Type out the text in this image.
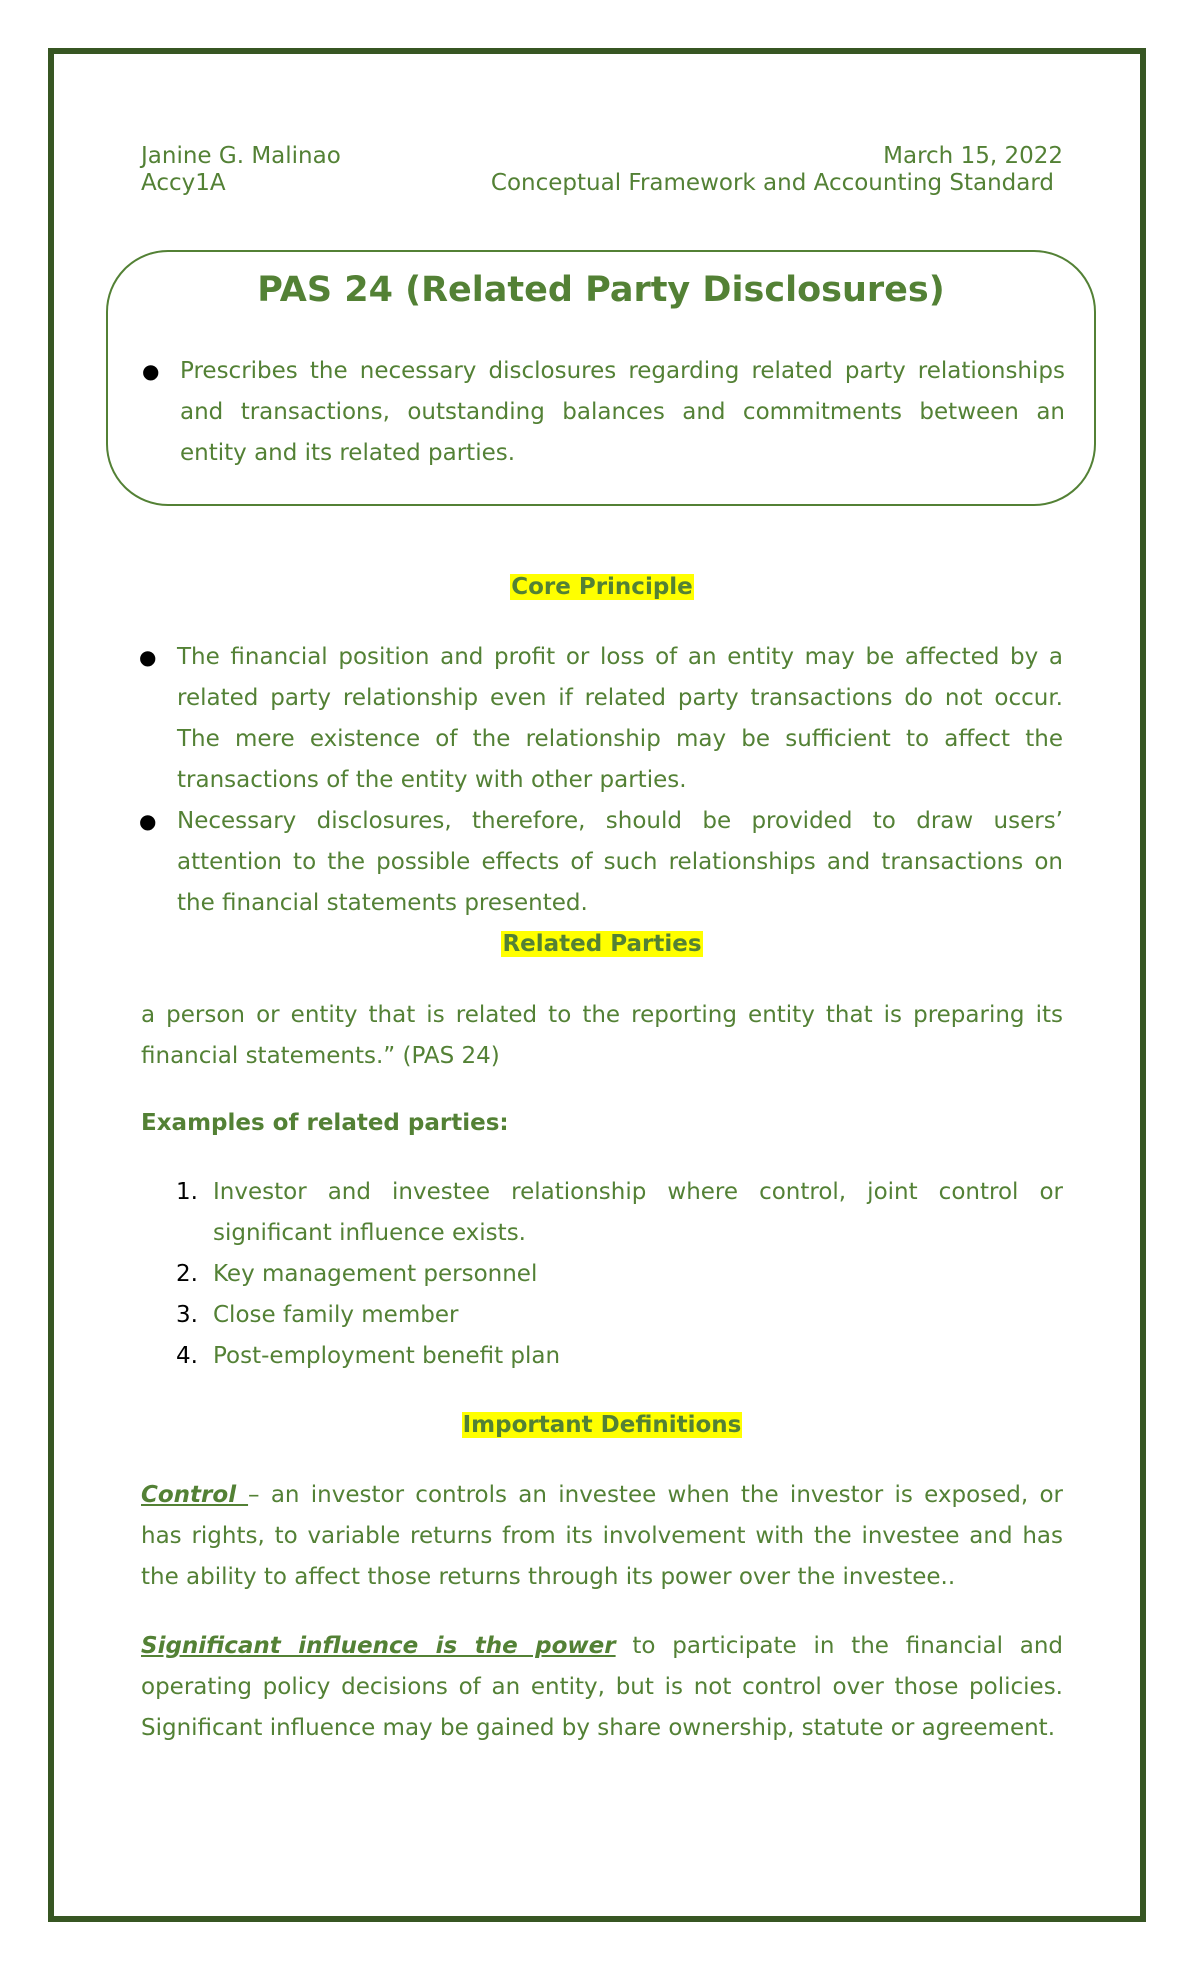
Janine G. Malinao	March 15, 2022
Accy1A	Conceptual Framework and Accounting Standard
PAS 24 (Related Party Disclosures)
● Prescribes the necessary disclosures regarding related party relationships and transactions, outstanding balances and commitments between an entity and its related parties.
Core Principle
● The financial position and profit or loss of an entity may be affected by a related party relationship even if related party transactions do not occur. The mere existence of the relationship may be sufficient to affect the transactions of the entity with other parties.
● Necessary disclosures, therefore, should be provided to draw users’ attention to the possible effects of such relationships and transactions on the financial statements presented.
Related Parties
a person or entity that is related to the reporting entity that is preparing its financial statements.” (PAS 24)
Examples of related parties:
1. Investor and investee relationship where control, joint control or significant influence exists.
2. Key management personnel
3. Close family member
4. Post-employment benefit plan
Important Definitions
Control – an investor controls an investee when the investor is exposed, or has rights, to variable returns from its involvement with the investee and has the ability to affect those returns through its power over the investee..
Significant influence is the power to participate in the financial and operating policy decisions of an entity, but is not control over those policies. Significant influence may be gained by share ownership, statute or agreement.
